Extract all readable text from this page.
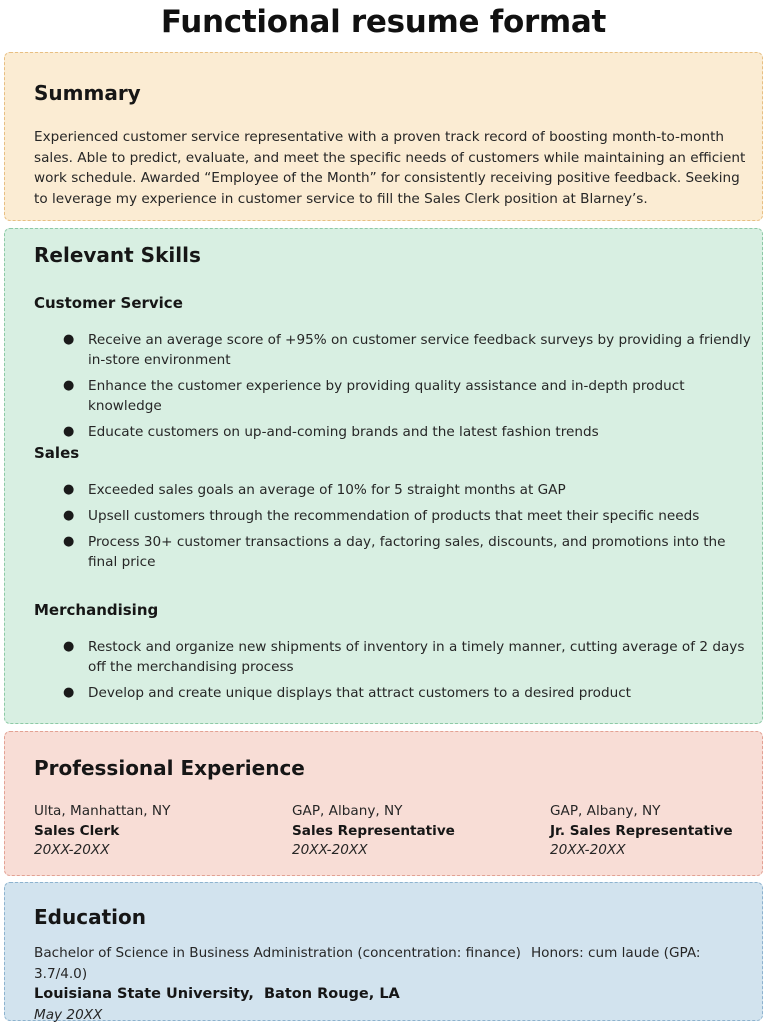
Functional resume format
Summary

Experienced customer service representative with a proven track record of boosting month-to-month sales. Able to predict, evaluate, and meet the specific needs of customers while maintaining an efficient work schedule. Awarded “Employee of the Month” for consistently receiving positive feedback. Seeking to leverage my experience in customer service to fill the Sales Clerk position at Blarney’s.

Relevant Skills
Customer Service
● Receive an average score of +95% on customer service feedback surveys by providing a friendly in-store environment
● Enhance the customer experience by providing quality assistance and in-depth product knowledge
● Educate customers on up-and-coming brands and the latest fashion trends
Sales
● Exceeded sales goals an average of 10% for 5 straight months at GAP
● Upsell customers through the recommendation of products that meet their specific needs
● Process 30+ customer transactions a day, factoring sales, discounts, and promotions into the final price
Merchandising
● Restock and organize new shipments of inventory in a timely manner, cutting average of 2 days off the merchandising process
● Develop and create unique displays that attract customers to a desired product
Professional Experience
Ulta, Manhattan, NY
Sales Clerk
20XX-20XX
GAP, Albany, NY
Sales Representative
20XX-20XX
GAP, Albany, NY
Jr. Sales Representative
20XX-20XX
Education
Bachelor of Science in Business Administration (concentration: finance) Honors: cum laude (GPA: 3.7/4.0)
Louisiana State University, Baton Rouge, LA
May 20XX
